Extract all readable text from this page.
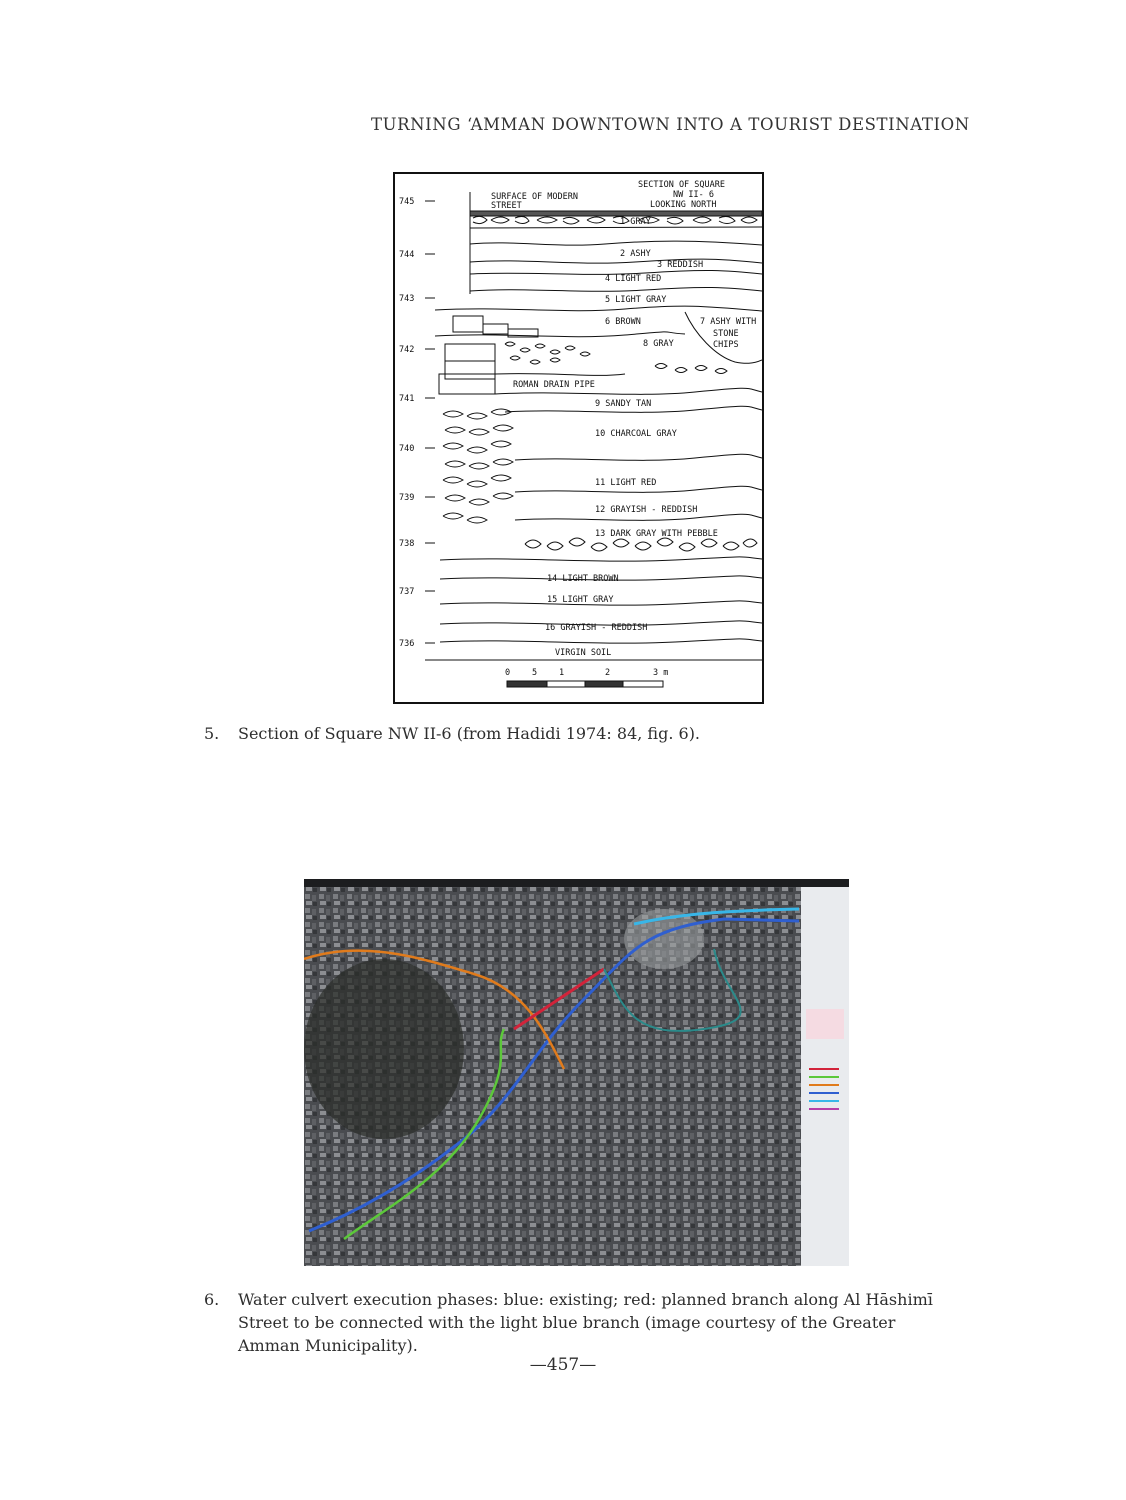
TURNING ‘AMMAN DOWNTOWN INTO A TOURIST DESTINATION
SECTION OF SQUARE
NW II- 6
LOOKING NORTH
SURFACE OF MODERN
STREET
745
744
743
742
741
740
739
738
737
736
1 GRAY
2 ASHY
3 REDDISH
4 LIGHT RED
5 LIGHT GRAY
6 BROWN	7 ASHY WITH
STONE
CHIPS
8 GRAY
ROMAN DRAIN PIPE
9 SANDY TAN
10 CHARCOAL GRAY
11 LIGHT RED
12 GRAYISH - REDDISH
13 DARK GRAY WITH PEBBLE
14 LIGHT BROWN
15 LIGHT GRAY
16 GRAYISH - REDDISH
VIRGIN SOIL
0	5	1	2	3 m
5. Section of Square NW II-6 (from Hadidi 1974: 84, fig. 6).
6. Water culvert execution phases: blue: existing; red: planned branch along Al Hāshimī Street to be connected with the light blue branch (image courtesy of the Greater Amman Municipality).
—457—
